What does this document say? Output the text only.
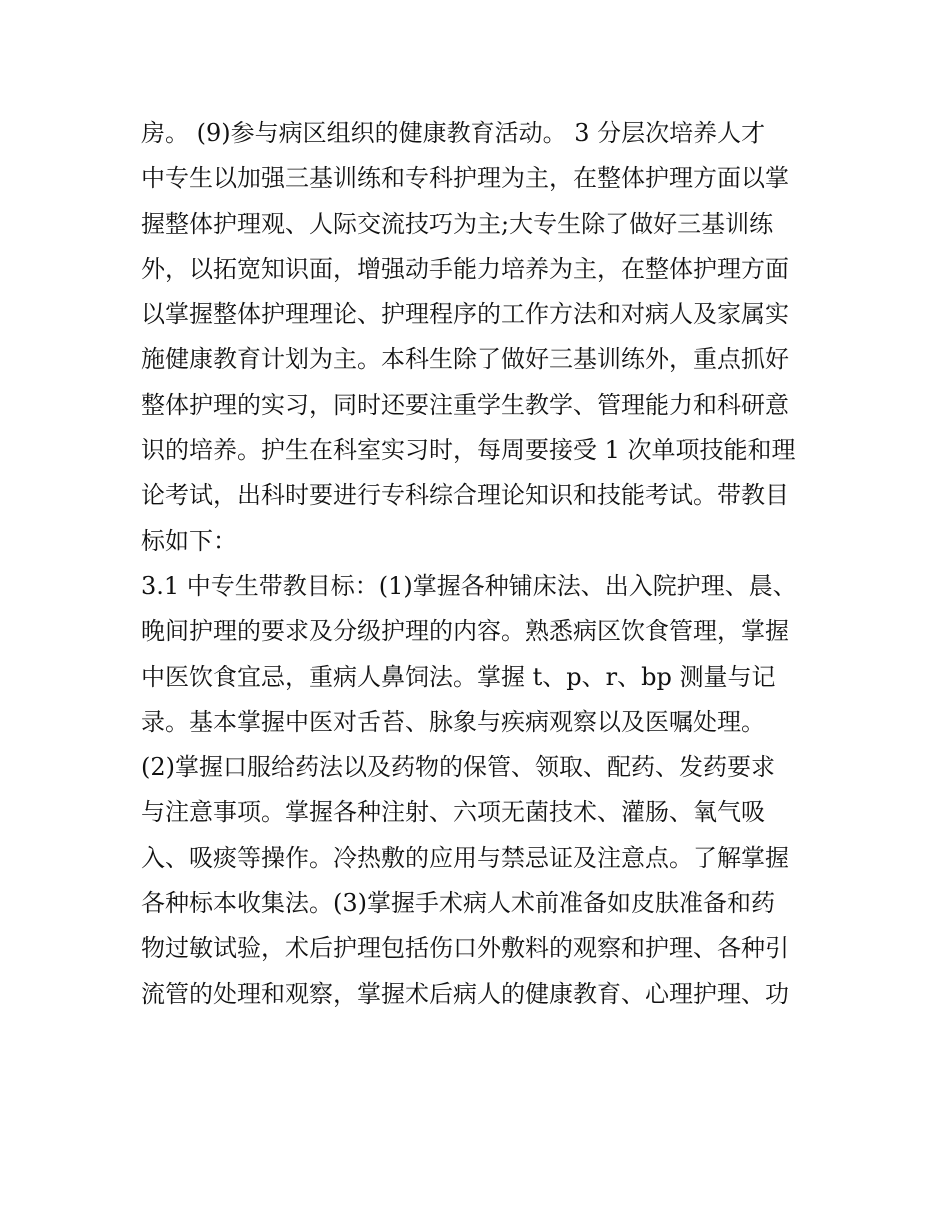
房。 (9)参与病区组织的健康教育活动。 3 分层次培养人才
中专生以加强三基训练和专科护理为主，在整体护理方面以掌
握整体护理观、人际交流技巧为主;大专生除了做好三基训练
外，以拓宽知识面，增强动手能力培养为主，在整体护理方面
以掌握整体护理理论、护理程序的工作方法和对病人及家属实
施健康教育计划为主。本科生除了做好三基训练外，重点抓好
整体护理的实习，同时还要注重学生教学、管理能力和科研意
识的培养。护生在科室实习时，每周要接受 1 次单项技能和理
论考试，出科时要进行专科综合理论知识和技能考试。带教目
标如下：
3.1 中专生带教目标：(1)掌握各种铺床法、出入院护理、晨、
晚间护理的要求及分级护理的内容。熟悉病区饮食管理，掌握
中医饮食宜忌，重病人鼻饲法。掌握 t、p、r、bp 测量与记
录。基本掌握中医对舌苔、脉象与疾病观察以及医嘱处理。
(2)掌握口服给药法以及药物的保管、领取、配药、发药要求
与注意事项。掌握各种注射、六项无菌技术、灌肠、氧气吸
入、吸痰等操作。冷热敷的应用与禁忌证及注意点。了解掌握
各种标本收集法。(3)掌握手术病人术前准备如皮肤准备和药
物过敏试验，术后护理包括伤口外敷料的观察和护理、各种引
流管的处理和观察，掌握术后病人的健康教育、心理护理、功
